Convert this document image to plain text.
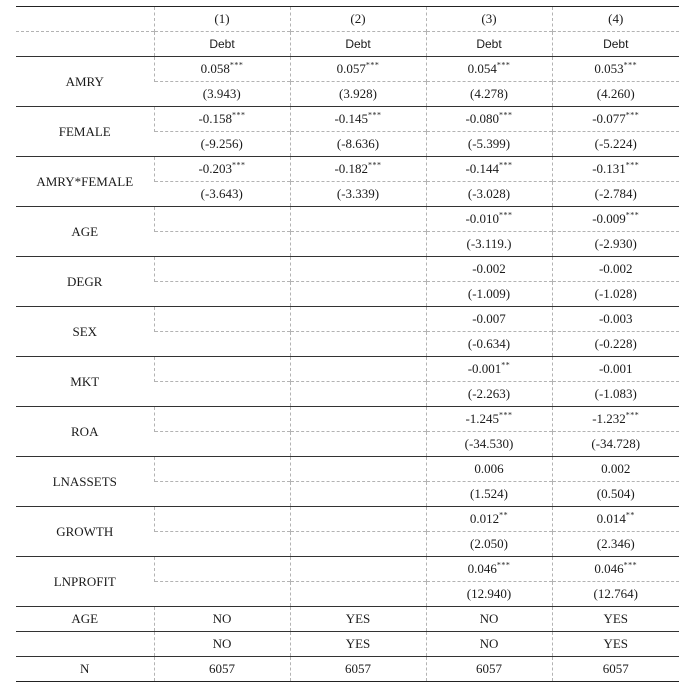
	(1)	(2)	(3)	(4)
	Debt	Debt	Debt	Debt
AMRY	0.058***	0.057***	0.054***	0.053***
	(3.943)	(3.928)	(4.278)	(4.260)
FEMALE	-0.158***	-0.145***	-0.080***	-0.077***
	(-9.256)	(-8.636)	(-5.399)	(-5.224)
AMRY*FEMALE	-0.203***	-0.182***	-0.144***	-0.131***
	(-3.643)	(-3.339)	(-3.028)	(-2.784)
AGE			-0.010***	-0.009***
			(-3.119.)	(-2.930)
DEGR			-0.002	-0.002
			(-1.009)	(-1.028)
SEX			-0.007	-0.003
			(-0.634)	(-0.228)
MKT			-0.001**	-0.001
			(-2.263)	(-1.083)
ROA			-1.245***	-1.232***
			(-34.530)	(-34.728)
LNASSETS			0.006	0.002
			(1.524)	(0.504)
GROWTH			0.012**	0.014**
			(2.050)	(2.346)
LNPROFIT			0.046***	0.046***
			(12.940)	(12.764)
AGE	NO	YES	NO	YES
	NO	YES	NO	YES
N	6057	6057	6057	6057
